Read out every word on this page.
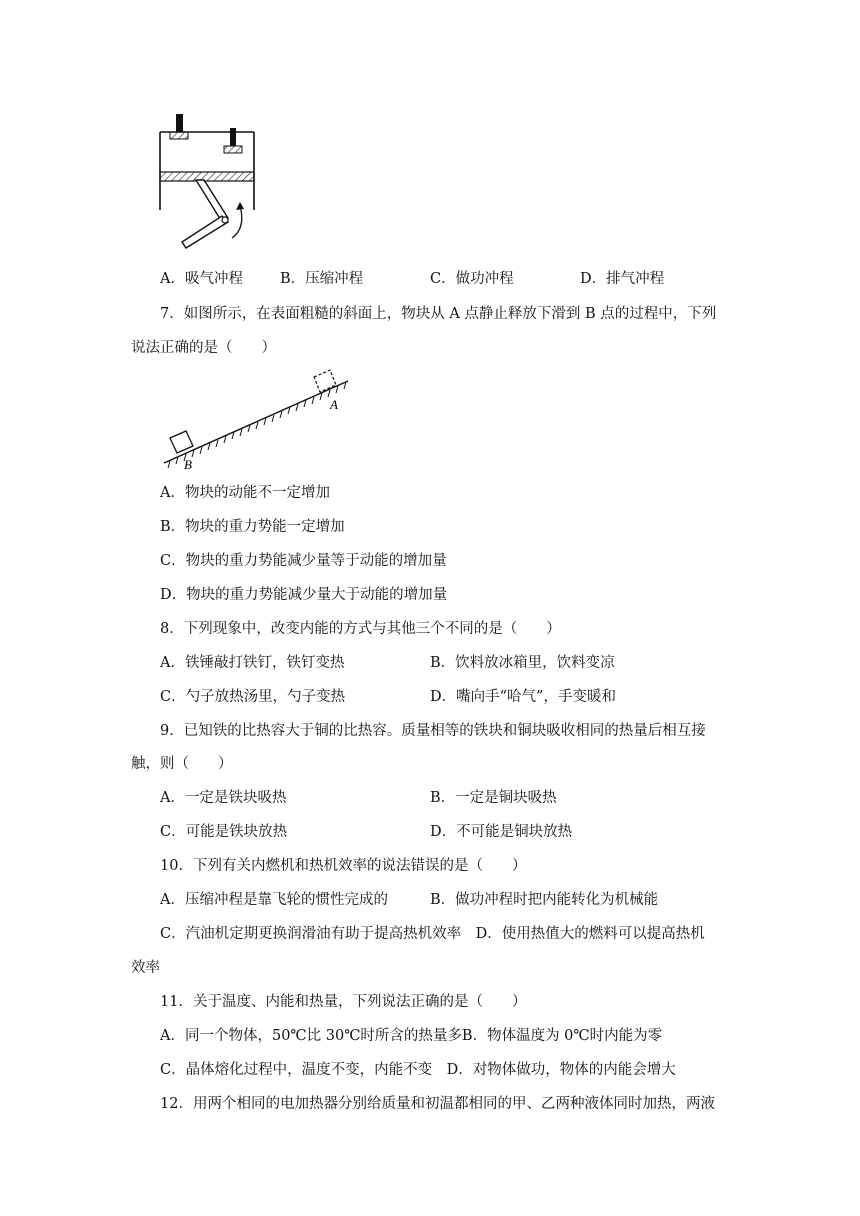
A．吸气冲程	B．压缩冲程	C．做功冲程	D．排气冲程
7．如图所示，在表面粗糙的斜面上，物块从 A 点静止释放下滑到 B 点的过程中，下列
说法正确的是（　　）
A
B
A．物块的动能不一定增加
B．物块的重力势能一定增加
C．物块的重力势能减少量等于动能的增加量
D．物块的重力势能减少量大于动能的增加量
8．下列现象中，改变内能的方式与其他三个不同的是（　　）
A．铁锤敲打铁钉，铁钉变热	B．饮料放冰箱里，饮料变凉
C．勺子放热汤里，勺子变热	D．嘴向手“哈气”，手变暖和
9．已知铁的比热容大于铜的比热容。质量相等的铁块和铜块吸收相同的热量后相互接
触，则（　　）
A．一定是铁块吸热	B．一定是铜块吸热
C．可能是铁块放热	D．不可能是铜块放热
10．下列有关内燃机和热机效率的说法错误的是（　　）
A．压缩冲程是靠飞轮的惯性完成的	B．做功冲程时把内能转化为机械能
C．汽油机定期更换润滑油有助于提高热机效率　D．使用热值大的燃料可以提高热机
效率
11．关于温度、内能和热量，下列说法正确的是（　　）
A．同一个物体，50℃比 30℃时所含的热量多B．物体温度为 0℃时内能为零
C．晶体熔化过程中，温度不变，内能不变　D．对物体做功，物体的内能会增大
12．用两个相同的电加热器分别给质量和初温都相同的甲、乙两种液体同时加热，两液
